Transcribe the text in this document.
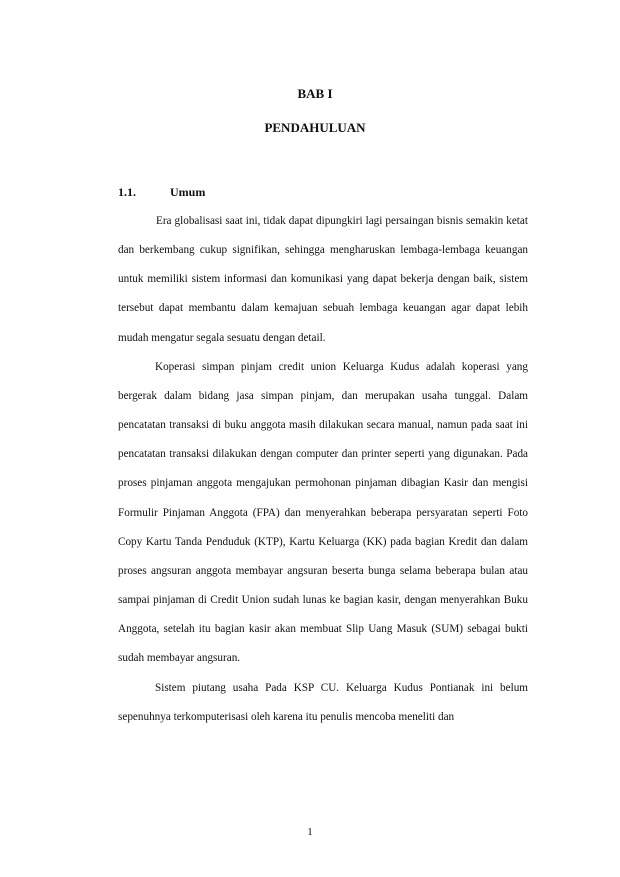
BAB I
PENDAHULUAN
1.1.	Umum

Era globalisasi saat ini, tidak dapat dipungkiri lagi persaingan bisnis semakin ketat dan berkembang cukup signifikan, sehingga mengharuskan lembaga-lembaga keuangan untuk memiliki sistem informasi dan komunikasi yang dapat bekerja dengan baik, sistem tersebut dapat membantu dalam kemajuan sebuah lembaga keuangan agar dapat lebih mudah mengatur segala sesuatu dengan detail.

Koperasi simpan pinjam credit union Keluarga Kudus adalah koperasi yang bergerak dalam bidang jasa simpan pinjam, dan merupakan usaha tunggal. Dalam pencatatan transaksi di buku anggota masih dilakukan secara manual, namun pada saat ini pencatatan transaksi dilakukan dengan computer dan printer seperti yang digunakan. Pada proses pinjaman anggota mengajukan permohonan pinjaman dibagian Kasir dan mengisi Formulir Pinjaman Anggota (FPA) dan menyerahkan beberapa persyaratan seperti Foto Copy Kartu Tanda Penduduk (KTP), Kartu Keluarga (KK) pada bagian Kredit dan dalam proses angsuran anggota membayar angsuran beserta bunga selama beberapa bulan atau sampai pinjaman di Credit Union sudah lunas ke bagian kasir, dengan menyerahkan Buku Anggota, setelah itu bagian kasir akan membuat Slip Uang Masuk (SUM) sebagai bukti sudah membayar angsuran.

Sistem piutang usaha Pada KSP CU. Keluarga Kudus Pontianak ini belum sepenuhnya terkomputerisasi oleh karena itu penulis mencoba meneliti dan

1
